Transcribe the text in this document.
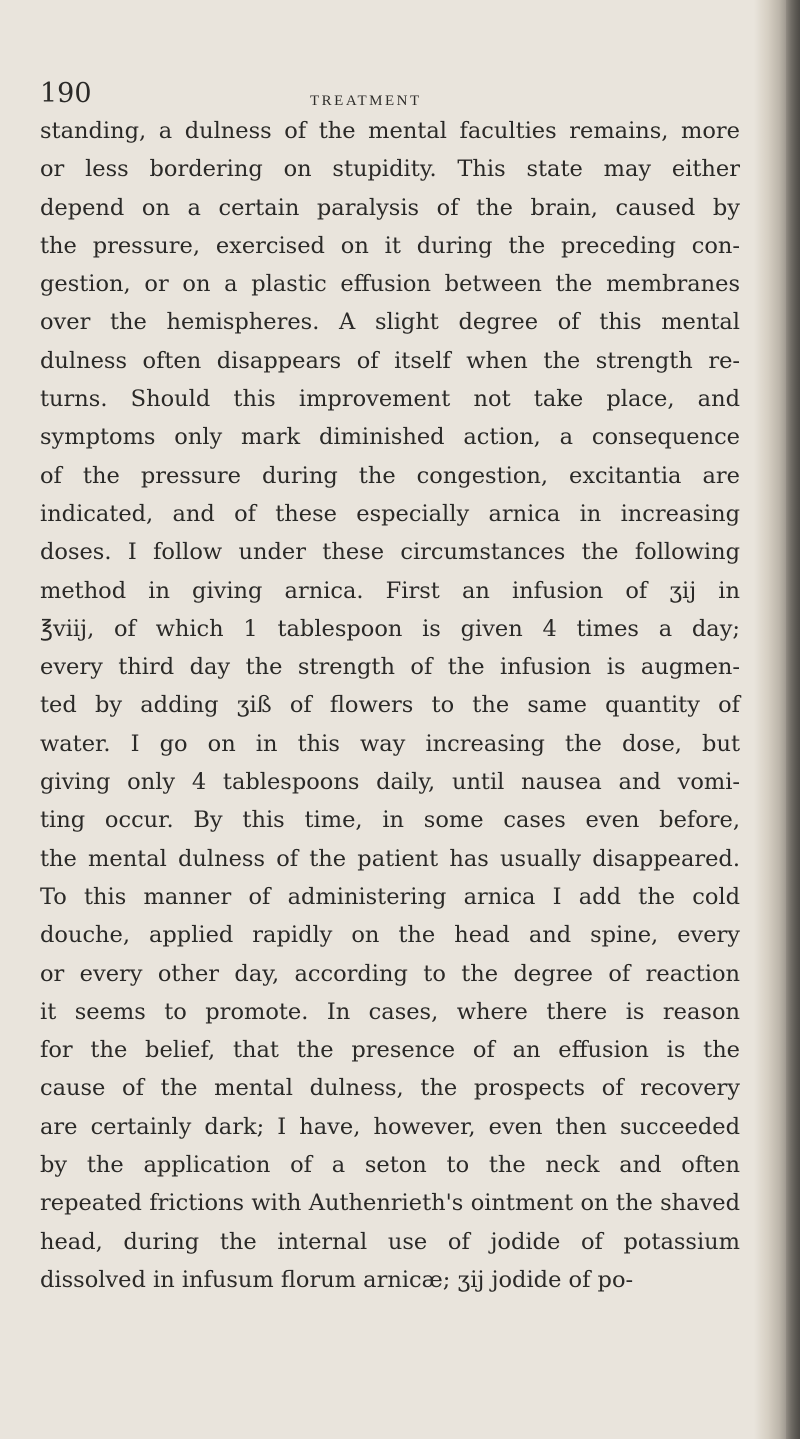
190	TREATMENT
standing, a dulness of the mental faculties remains, more
or less bordering on stupidity. This state may either
depend on a certain paralysis of the brain, caused by
the pressure, exercised on it during the preceding con-
gestion, or on a plastic effusion between the membranes
over the hemispheres. A slight degree of this mental
dulness often disappears of itself when the strength re-
turns. Should this improvement not take place, and
symptoms only mark diminished action, a consequence
of the pressure during the congestion, excitantia are
indicated, and of these especially arnica in increasing
doses. I follow under these circumstances the following
method in giving arnica. First an infusion of ʒij in
℥viij, of which 1 tablespoon is given 4 times a day;
every third day the strength of the infusion is augmen-
ted by adding ʒiß of flowers to the same quantity of
water. I go on in this way increasing the dose, but
giving only 4 tablespoons daily, until nausea and vomi-
ting occur. By this time, in some cases even before,
the mental dulness of the patient has usually disappeared.
To this manner of administering arnica I add the cold
douche, applied rapidly on the head and spine, every
or every other day, according to the degree of reaction
it seems to promote. In cases, where there is reason
for the belief, that the presence of an effusion is the
cause of the mental dulness, the prospects of recovery
are certainly dark; I have, however, even then succeeded
by the application of a seton to the neck and often
repeated frictions with Authenrieth's ointment on the shaved
head, during the internal use of jodide of potassium
dissolved in infusum florum arnicæ; ʒij jodide of po-
